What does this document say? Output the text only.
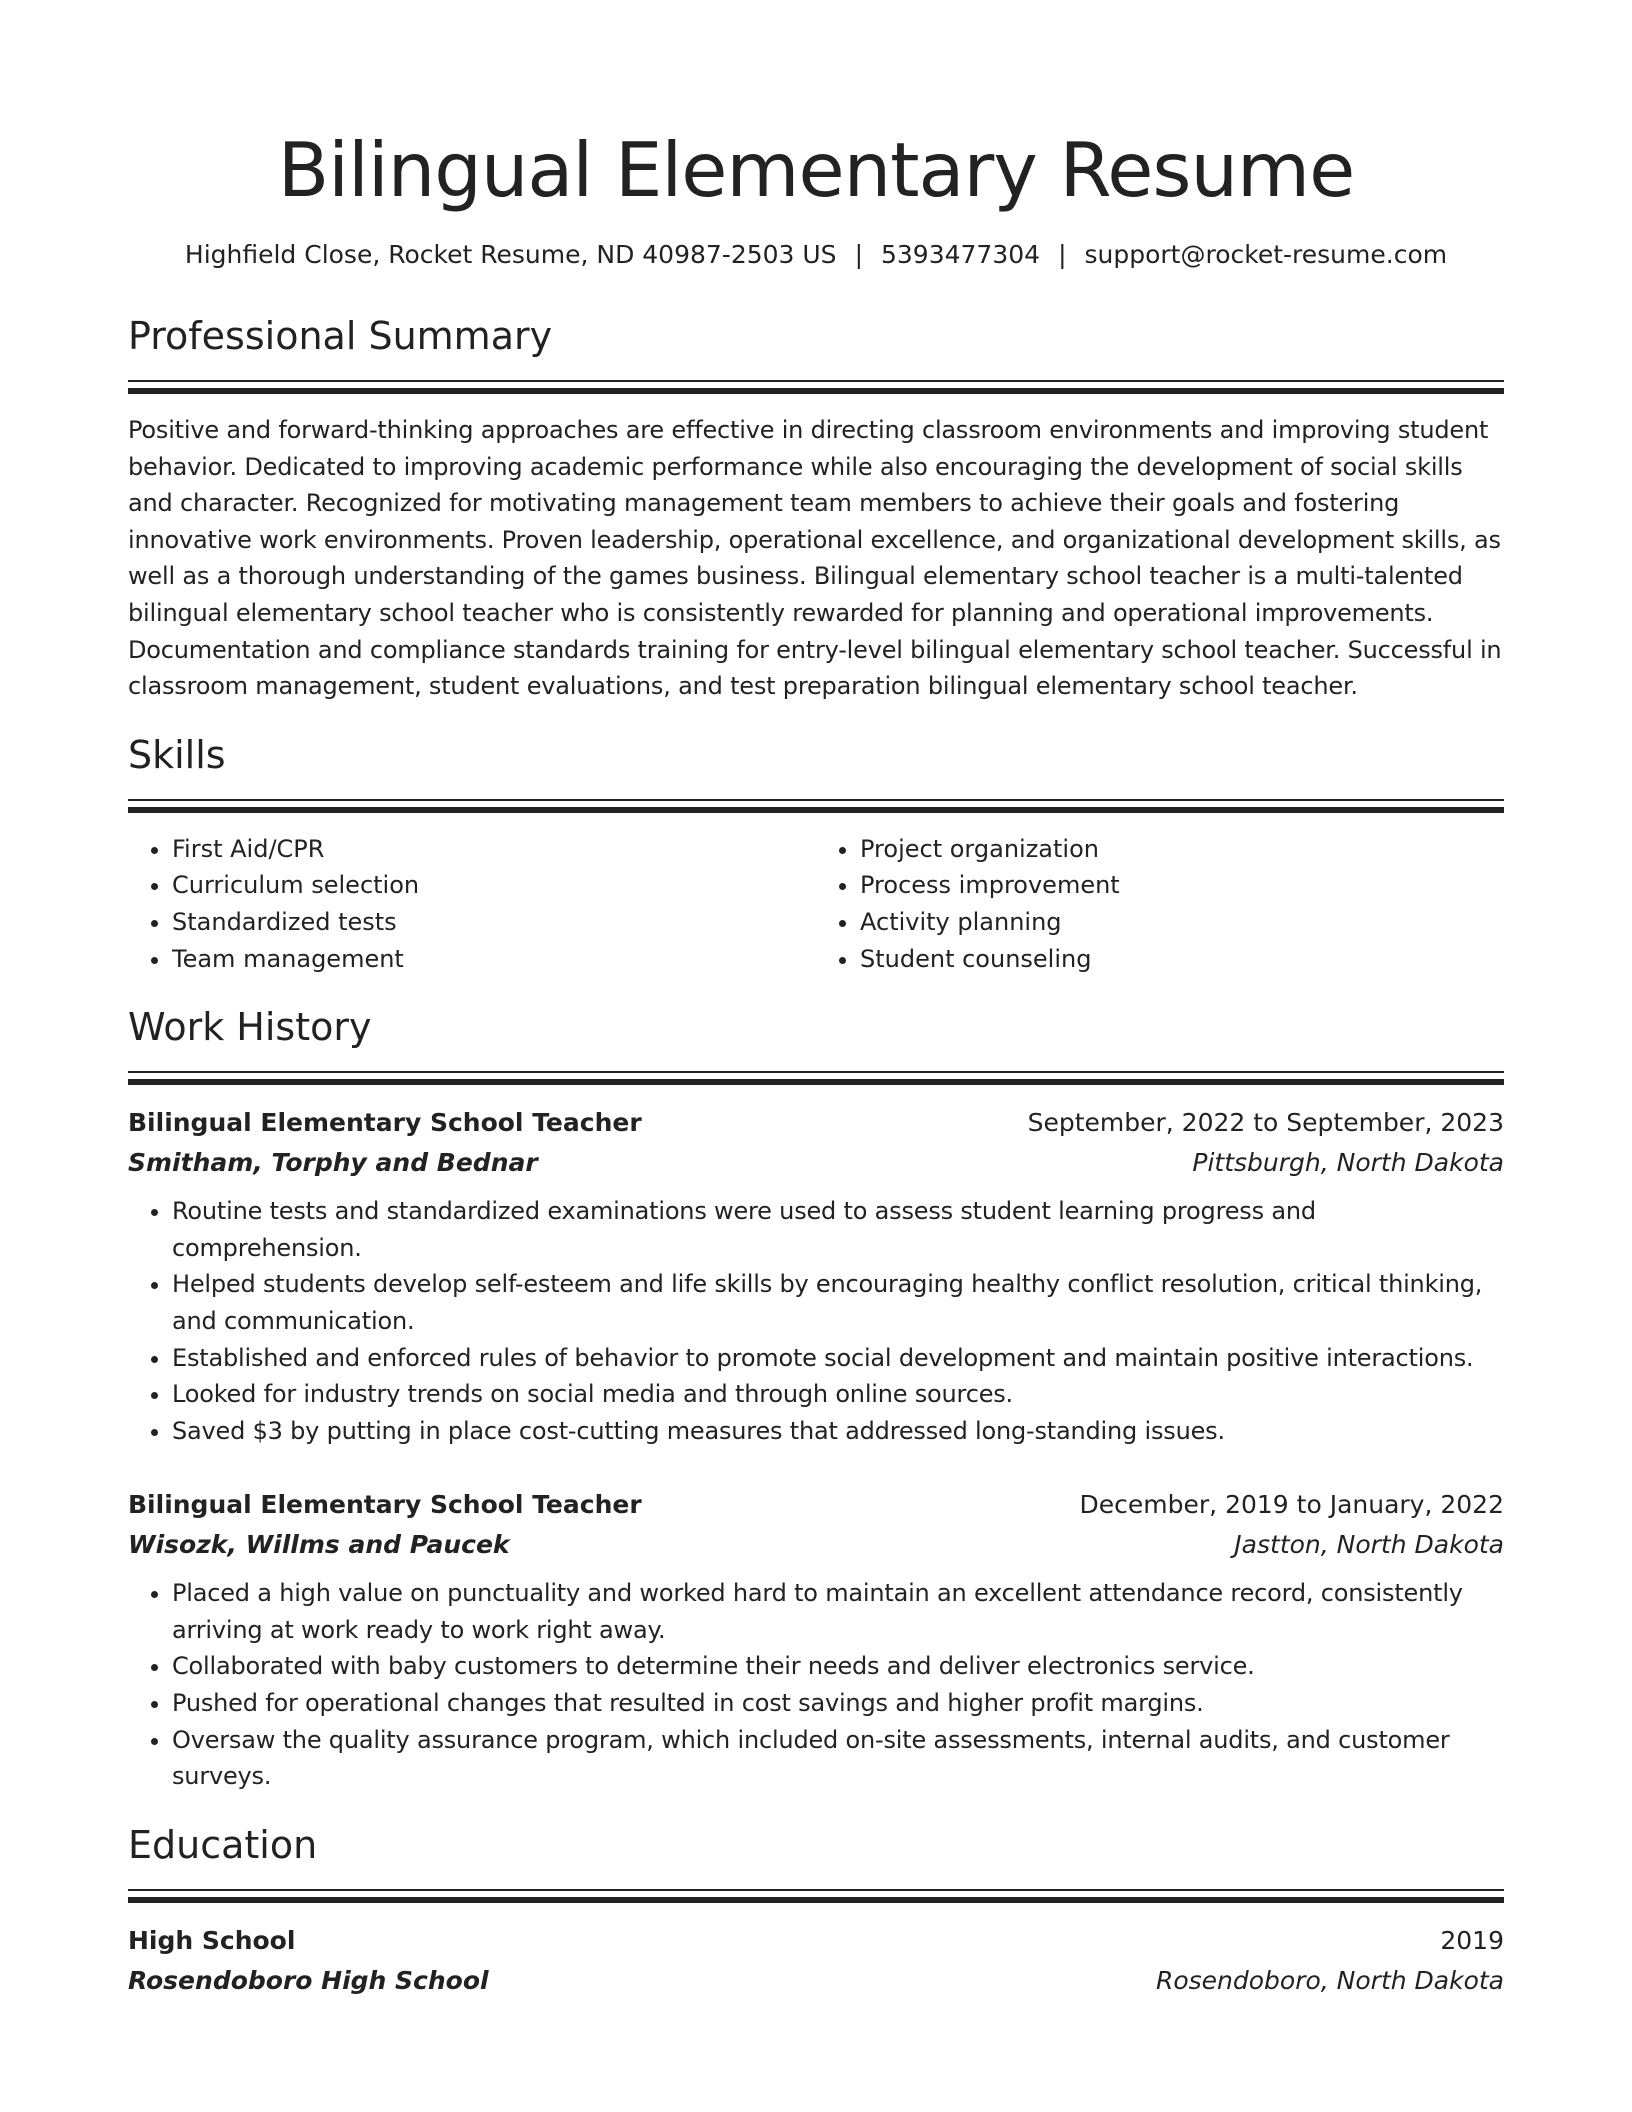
Bilingual Elementary Resume
Highfield Close, Rocket Resume, ND 40987-2503 US | 5393477304 | support@rocket-resume.com
Professional Summary

Positive and forward-thinking approaches are effective in directing classroom environments and improving student behavior. Dedicated to improving academic performance while also encouraging the development of social skills and character. Recognized for motivating management team members to achieve their goals and fostering innovative work environments. Proven leadership, operational excellence, and organizational development skills, as well as a thorough understanding of the games business. Bilingual elementary school teacher is a multi-talented bilingual elementary school teacher who is consistently rewarded for planning and operational improvements. Documentation and compliance standards training for entry-level bilingual elementary school teacher. Successful in classroom management, student evaluations, and test preparation bilingual elementary school teacher.

Skills
• First Aid/CPR
• Curriculum selection
• Standardized tests
• Team management
• Project organization
• Process improvement
• Activity planning
• Student counseling
Work History
Bilingual Elementary School Teacher	September, 2022 to September, 2023
Smitham, Torphy and Bednar	Pittsburgh, North Dakota
• Routine tests and standardized examinations were used to assess student learning progress and comprehension.
• Helped students develop self-esteem and life skills by encouraging healthy conflict resolution, critical thinking, and communication.
• Established and enforced rules of behavior to promote social development and maintain positive interactions.
• Looked for industry trends on social media and through online sources.
• Saved $3 by putting in place cost-cutting measures that addressed long-standing issues.
Bilingual Elementary School Teacher	December, 2019 to January, 2022
Wisozk, Willms and Paucek	Jastton, North Dakota
• Placed a high value on punctuality and worked hard to maintain an excellent attendance record, consistently arriving at work ready to work right away.
• Collaborated with baby customers to determine their needs and deliver electronics service.
• Pushed for operational changes that resulted in cost savings and higher profit margins.
• Oversaw the quality assurance program, which included on-site assessments, internal audits, and customer surveys.
Education
High School	2019
Rosendoboro High School	Rosendoboro, North Dakota
